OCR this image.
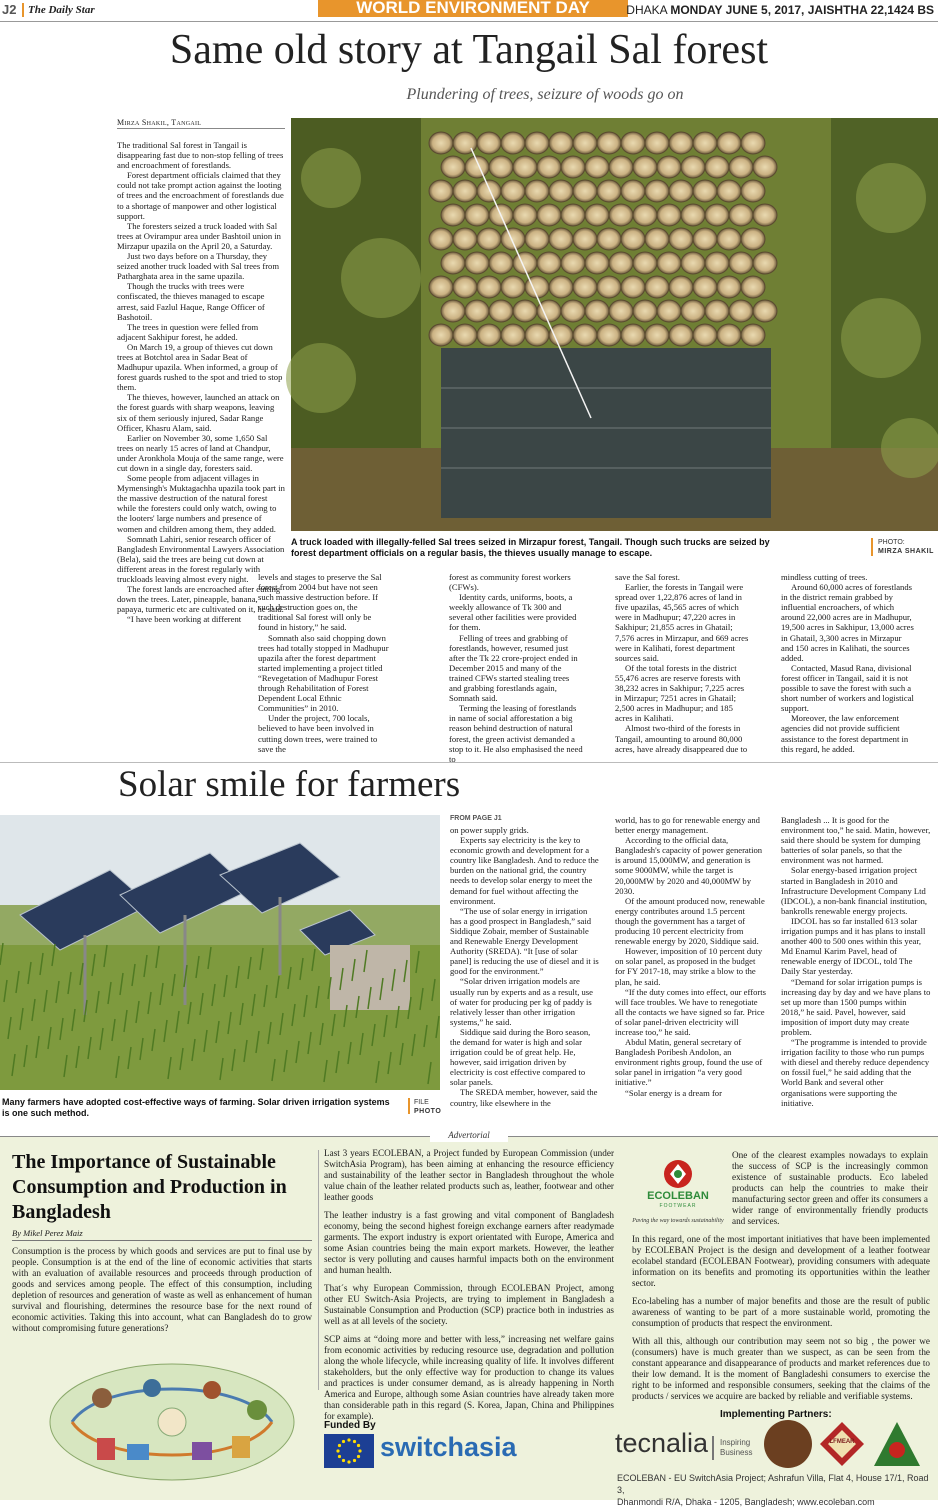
J2 The Daily Star	WORLD ENVIRONMENT DAY	DHAKA MONDAY JUNE 5, 2017, JAISHTHA 22,1424 BS
Same old story at Tangail Sal forest
Plundering of trees, seizure of woods go on
Mirza Shakil, Tangail

The traditional Sal forest in Tangail is disappearing fast due to non-stop felling of trees and encroachment of forestlands.

Forest department officials claimed that they could not take prompt action against the looting of trees and the encroachment of forestlands due to a shortage of manpower and other logistical support.

The foresters seized a truck loaded with Sal trees at Ovirampur area under Bashtoil union in Mirzapur upazila on the April 20, a Saturday.

Just two days before on a Thursday, they seized another truck loaded with Sal trees from Patharghata area in the same upazila.

Though the trucks with trees were confiscated, the thieves managed to escape arrest, said Fazlul Haque, Range Officer of Bashotoil.

The trees in question were felled from adjacent Sakhipur forest, he added.

On March 19, a group of thieves cut down trees at Botchtol area in Sadar Beat of Madhupur upazila. When informed, a group of forest guards rushed to the spot and tried to stop them.

The thieves, however, launched an attack on the forest guards with sharp weapons, leaving six of them seriously injured, Sadar Range Officer, Khasru Alam, said.

Earlier on November 30, some 1,650 Sal trees on nearly 15 acres of land at Chandpur, under Aronkhola Mouja of the same range, were cut down in a single day, foresters said.

Some people from adjacent villages in Mymensingh's Muktagachha upazila took part in the massive destruction of the natural forest while the foresters could only watch, owing to the looters' large numbers and presence of women and children among them, they added.

Somnath Lahiri, senior research officer of Bangladesh Environmental Lawyers Association (Bela), said the trees are being cut down at different areas in the forest regularly with truckloads leaving almost every night.

The forest lands are encroached after cutting down the trees. Later, pineapple, banana, papaya, turmeric etc are cultivated on it, he said.

“I have been working at different

A truck loaded with illegally-felled Sal trees seized in Mirzapur forest, Tangail. Though such trucks are seized by forest department officials on a regular basis, the thieves usually manage to escape.
PHOTO:
MIRZA SHAKIL

levels and stages to preserve the Sal forest from 2004 but have not seen such massive destruction before. If such destruction goes on, the traditional Sal forest will only be found in history,” he said.

Somnath also said chopping down trees had totally stopped in Madhupur upazila after the forest department started implementing a project titled “Revegetation of Madhupur Forest through Rehabilitation of Forest Dependent Local Ethnic Communities” in 2010.

Under the project, 700 locals, believed to have been involved in cutting down trees, were trained to save the

forest as community forest workers (CFWs).

Identity cards, uniforms, boots, a weekly allowance of Tk 300 and several other facilities were provided for them.

Felling of trees and grabbing of forestlands, however, resumed just after the Tk 22 crore-project ended in December 2015 and many of the trained CFWs started stealing trees and grabbing forestlands again, Somnath said.

Terming the leasing of forestlands in name of social afforestation a big reason behind destruction of natural forest, the green activist demanded a stop to it. He also emphasised the need to

save the Sal forest.

Earlier, the forests in Tangail were spread over 1,22,876 acres of land in five upazilas, 45,565 acres of which were in Madhupur; 47,220 acres in Sakhipur; 21,855 acres in Ghatail; 7,576 acres in Mirzapur, and 669 acres were in Kalihati, forest department sources said.

Of the total forests in the district 55,476 acres are reserve forests with 38,232 acres in Sakhipur; 7,225 acres in Mirzapur; 7251 acres in Ghatail; 2,500 acres in Madhupur; and 185 acres in Kalihati.

Almost two-third of the forests in Tangail, amounting to around 80,000 acres, have already disappeared due to

mindless cutting of trees.

Around 60,000 acres of forestlands in the district remain grabbed by influential encroachers, of which around 22,000 acres are in Madhupur, 19,500 acres in Sakhipur, 13,000 acres in Ghatail, 3,300 acres in Mirzapur and 150 acres in Kalihati, the sources added.

Contacted, Masud Rana, divisional forest officer in Tangail, said it is not possible to save the forest with such a short number of workers and logistical support.

Moreover, the law enforcement agencies did not provide sufficient assistance to the forest department in this regard, he added.

Solar smile for farmers
Many farmers have adopted cost-effective ways of farming. Solar driven irrigation systems is one such method.
FILE
PHOTO
FROM PAGE J1

on power supply grids.

Experts say electricity is the key to economic growth and development for a country like Bangladesh. And to reduce the burden on the national grid, the country needs to develop solar energy to meet the demand for fuel without affecting the environment.

“The use of solar energy in irrigation has a good prospect in Bangladesh,” said Siddique Zobair, member of Sustainable and Renewable Energy Development Authority (SREDA). “It [use of solar panel] is reducing the use of diesel and it is good for the environment.”

“Solar driven irrigation models are usually run by experts and as a result, use of water for producing per kg of paddy is relatively lesser than other irrigation systems,” he said.

Siddique said during the Boro season, the demand for water is high and solar irrigation could be of great help. He, however, said irrigation driven by electricity is cost effective compared to solar panels.

The SREDA member, however, said the country, like elsewhere in the

world, has to go for renewable energy and better energy management.

According to the official data, Bangladesh's capacity of power generation is around 15,000MW, and generation is some 9000MW, while the target is 20,000MW by 2020 and 40,000MW by 2030.

Of the amount produced now, renewable energy contributes around 1.5 percent though the government has a target of producing 10 percent electricity from renewable energy by 2020, Siddique said.

However, imposition of 10 percent duty on solar panel, as proposed in the budget for FY 2017-18, may strike a blow to the plan, he said.

“If the duty comes into effect, our efforts will face troubles. We have to renegotiate all the contacts we have signed so far. Price of solar panel-driven electricity will increase too,” he said.

Abdul Matin, general secretary of Bangladesh Poribesh Andolon, an environment rights group, found the use of solar panel in irrigation “a very good initiative.”

“Solar energy is a dream for

Bangladesh ... It is good for the environment too,” he said. Matin, however, said there should be system for dumping batteries of solar panels, so that the environment was not harmed.

Solar energy-based irrigation project started in Bangladesh in 2010 and Infrastructure Development Company Ltd (IDCOL), a non-bank financial institution, bankrolls renewable energy projects.

IDCOL has so far installed 613 solar irrigation pumps and it has plans to install another 400 to 500 ones within this year, Md Enamul Karim Pavel, head of renewable energy of IDCOL, told The Daily Star yesterday.

“Demand for solar irrigation pumps is increasing day by day and we have plans to set up more than 1500 pumps within 2018,” he said. Pavel, however, said imposition of import duty may create problem.

“The programme is intended to provide irrigation facility to those who run pumps with diesel and thereby reduce dependency on fossil fuel,” he said adding that the World Bank and several other organisations were supporting the initiative.

Advertorial
The Importance of Sustainable Consumption and Production in Bangladesh
By Mikel Perez Maiz
Consumption is the process by which goods and services are put to final use by people. Consumption is at the end of the line of economic activities that starts with an evaluation of available resources and proceeds through production of goods and services among people. The effect of this consumption, including depletion of resources and generation of waste as well as enhancement of human survival and flourishing, determines the resource base for the next round of economic activities. Taking this into account, what can Bangladesh do to grow without compromising future generations?

Last 3 years ECOLEBAN, a Project funded by European Commission (under SwitchAsia Program), has been aiming at enhancing the resource efficiency and sustainability of the leather sector in Bangladesh throughout the whole value chain of the leather related products such as, leather, footwear and other leather goods

The leather industry is a fast growing and vital component of Bangladesh economy, being the second highest foreign exchange earners after readymade garments. The export industry is export orientated with Europe, America and some Asian countries being the main export markets. However, the leather sector is very polluting and causes harmful impacts both on the environment and human health.

That´s why European Commission, through ECOLEBAN Project, among other EU Switch-Asia Projects, are trying to implement in Bangladesh a Sustainable Consumption and Production (SCP) practice both in industries as well as at all levels of the society.

SCP aims at “doing more and better with less,” increasing net welfare gains from economic activities by reducing resource use, degradation and pollution along the whole lifecycle, while increasing quality of life. It involves different stakeholders, but the only effective way for production to change its values and practices is under consumer demand, as is already happening in North America and Europe, although some Asian countries have already taken more than considerable path in this regard (S. Korea, Japan, China and Philippines for example).

ECOLEBAN
FOOTWEAR
Paving the way towards sustainability
One of the clearest examples nowadays to explain the success of SCP is the increasingly common existence of sustainable products. Eco labeled products can help the countries to make their manufacturing sector green and offer its consumers a wider range of environmentally friendly products and services.

In this regard, one of the most important initiatives that have been implemented by ECOLEBAN Project is the design and development of a leather footwear ecolabel standard (ECOLEBAN Footwear), providing consumers with adequate information on its benefits and promoting its opportunities within the leather sector.

Eco-labeling has a number of major benefits and those are the result of public awareness of wanting to be part of a more sustainable world, promoting the consumption of products that respect the environment.

With all this, although our contribution may seem not so big , the power we (consumers) have is much greater than we suspect, as can be seen from the constant appearance and disappearance of products and market references due to their low demand. It is the moment of Bangladeshi consumers to exercise the right to be informed and responsible consumers, seeking that the claims of the products / services we acquire are backed by reliable and verifiable systems.

Funded By
switchasia
Implementing Partners:
tecnalia Inspiring
Business
LFMEAR
ECOLEBAN - EU SwitchAsia Project; Ashrafun Villa, Flat 4, House 17/1, Road 3,
Dhanmondi R/A, Dhaka - 1205, Bangladesh; www.ecoleban.com
